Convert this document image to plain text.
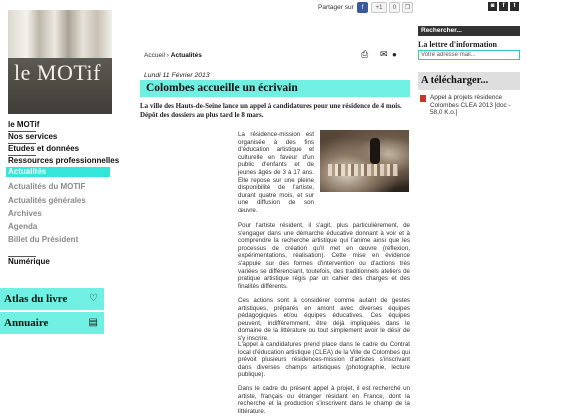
le MOTif
Partager sur	f	+1	0	❐	◙	f	t
le MOTif
Nos services
Etudes et données
Ressources professionnelles
Actualités
Actualités du MOTIF
Actualités générales
Archives
Agenda
Billet du Président
Numérique
Atlas du livre ♡
Annuaire	▤
Accueil › Actualités	⎙ ✉ ●
Lundi 11 Février 2013
Colombes accueille un écrivain
La ville des Hauts-de-Seine lance un appel à candidatures pour une résidence de 4 mois. Dépôt des dossiers au plus tard le 8 mars.
La résidence-mission est organisée à des fins d'éducation artistique et culturelle en faveur d'un public d'enfants et de jeunes âgés de 3 à 17 ans. Elle repose sur une pleine disponibilité de l'artiste, durant quatre mois, et sur une diffusion de son œuvre.
Pour l'artiste résident, il s'agit, plus particulièrement, de s'engager dans une démarche éducative donnant à voir et à comprendre la recherche artistique qui l'anime ainsi que les processus de création qu'il met en œuvre (réflexion, expérimentations, réalisation). Cette mise en évidence s'appuie sur des formes d'intervention ou d'actions très variées se différenciant, toutefois, des traditionnels ateliers de pratique artistique régis par un cahier des charges et des finalités différents.
Ces actions sont à considérer comme autant de gestes artistiques, préparés en amont avec diverses équipes pédagogiques et/ou équipes éducatives. Ces équipes peuvent, indifféremment, être déjà impliquées dans le domaine de la littérature ou tout simplement avoir le désir de s'y inscrire.
L'appel à candidatures prend place dans le cadre du Contrat local d'éducation artistique (CLEA) de la Ville de Colombes qui prévoit plusieurs résidences-mission d'artistes s'inscrivant dans diverses champs artistiques (photographie, lecture publique).
Dans le cadre du présent appel à projet, il est recherché un artiste, français ou étranger résidant en France, dont la recherche et la production s'inscrivent dans le champ de la littérature.
Rechercher...
La lettre d'information
Votre adresse mail...
A télécharger...
Appel à projets résidence Colombes CLEA 2013 [doc - 58,0 K.o.]
